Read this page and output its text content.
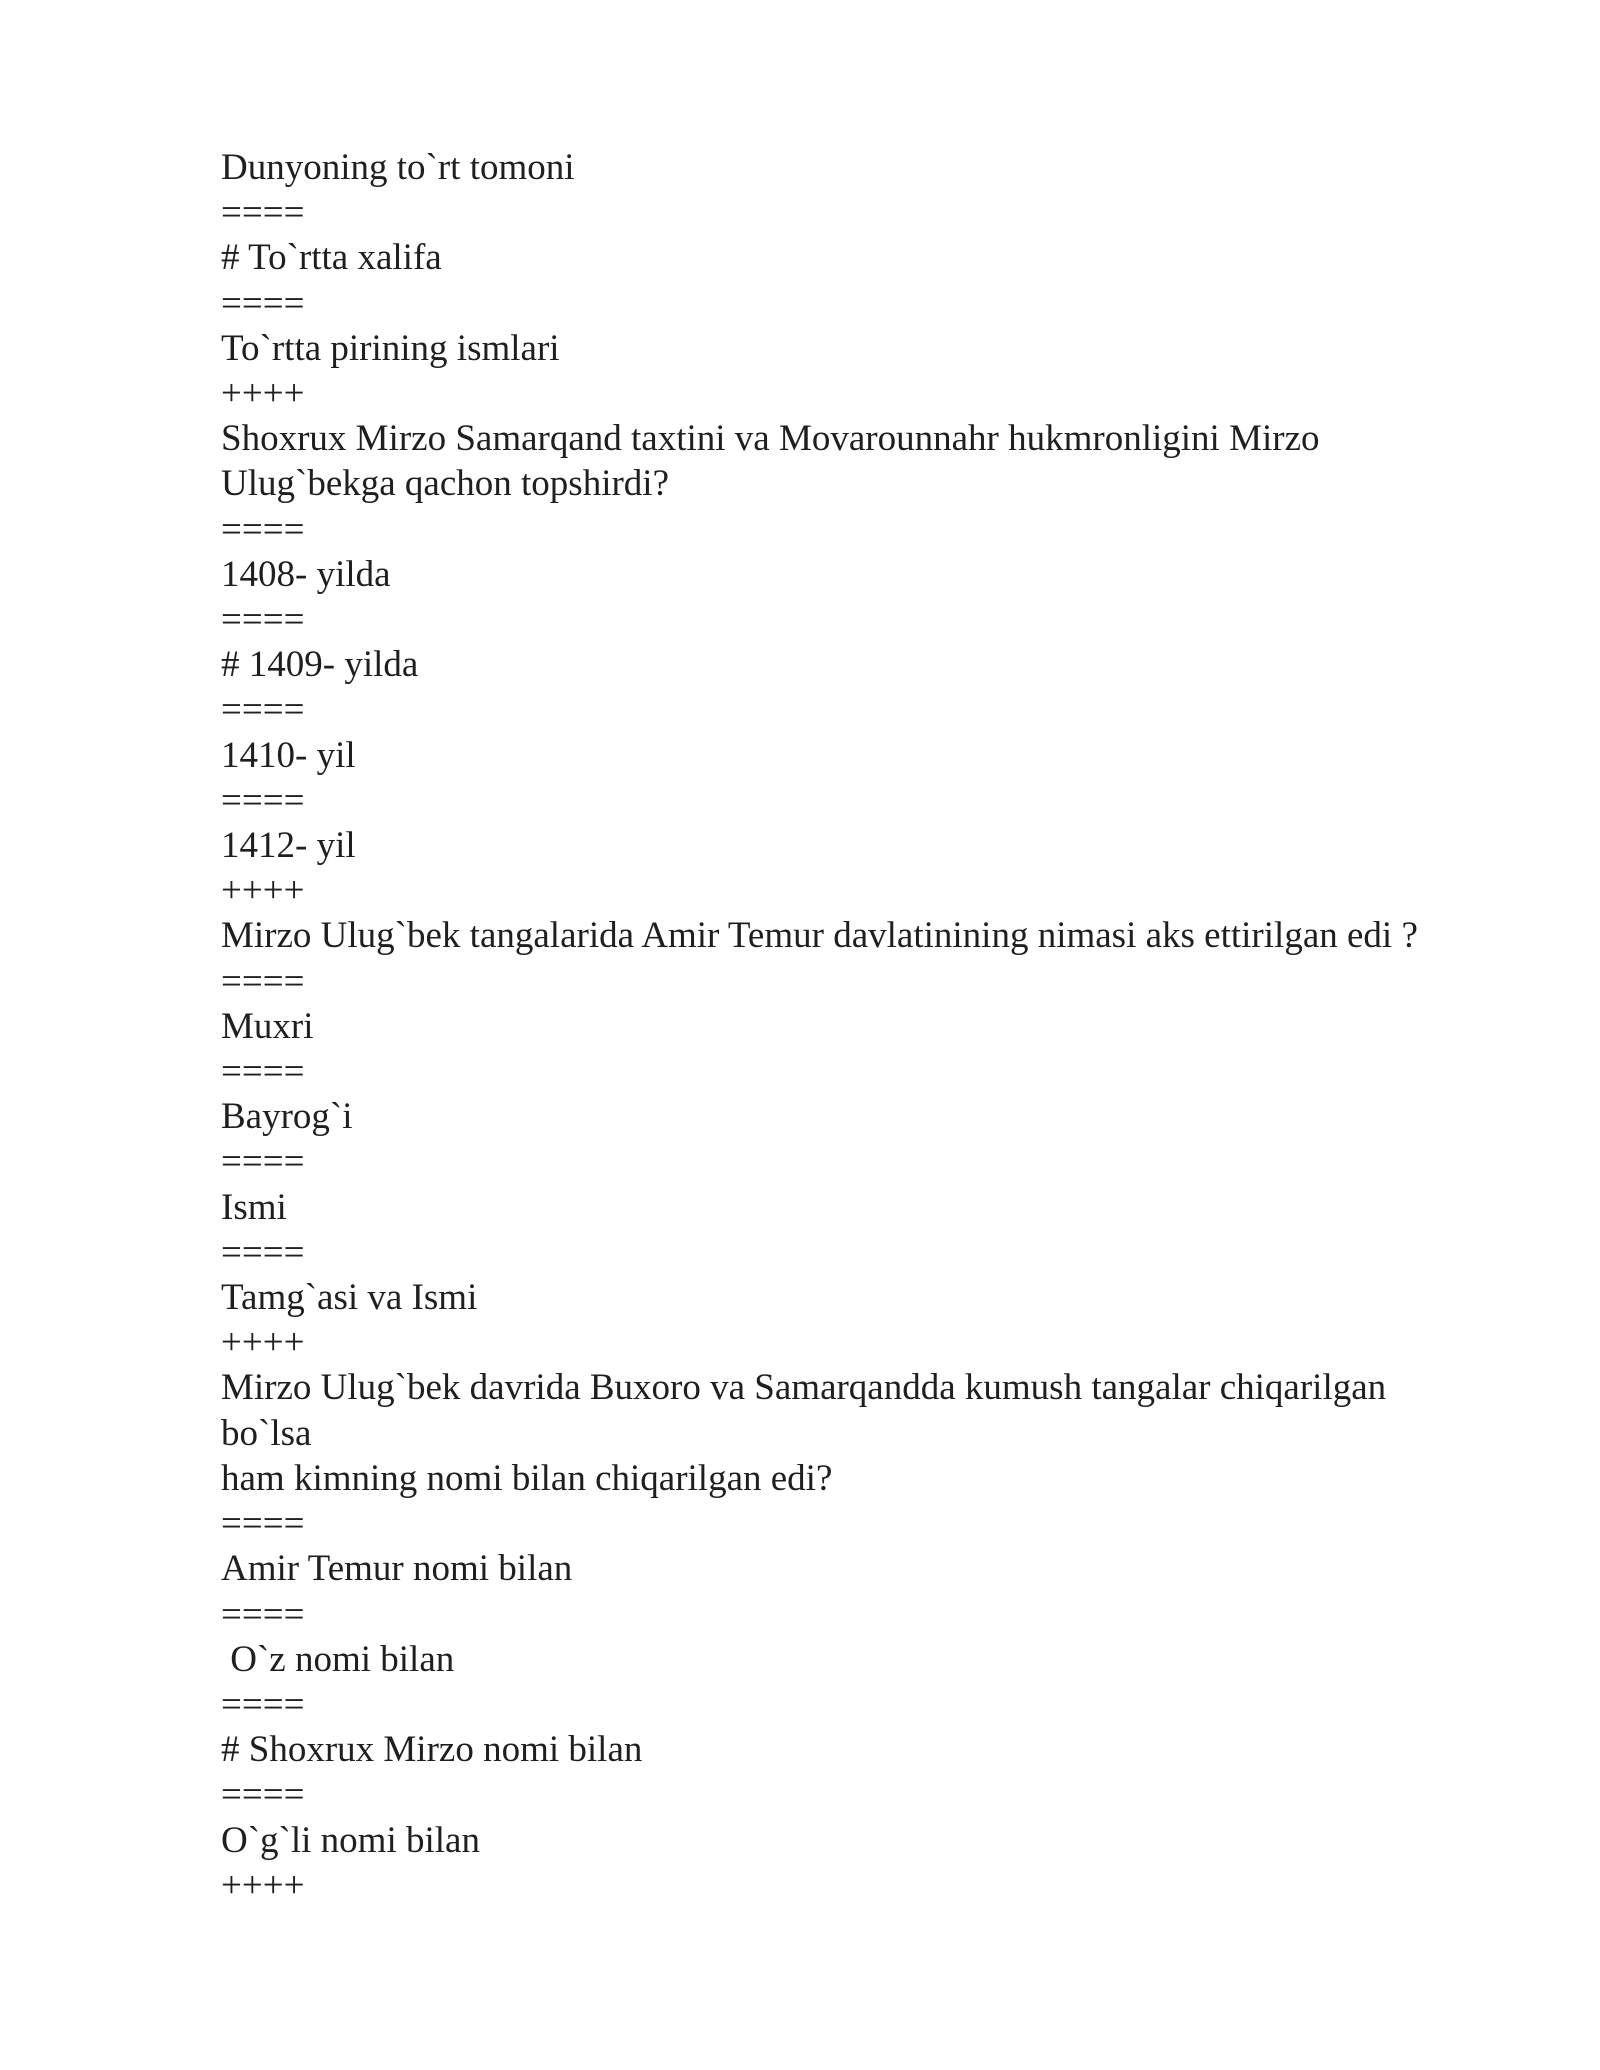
Dunyoning to`rt tomoni
====
# To`rtta xalifa
====
To`rtta pirining ismlari
++++
Shoxrux Mirzo Samarqand taxtini va Movarounnahr hukmronligini Mirzo
Ulug`bekga qachon topshirdi?
====
1408- yilda
====
# 1409- yilda
====
1410- yil
====
1412- yil
++++
Mirzo Ulug`bek tangalarida Amir Temur davlatinining nimasi aks ettirilgan edi ?
====
Muxri
====
Bayrog`i
====
Ismi
====
Tamg`asi va Ismi
++++
Mirzo Ulug`bek davrida Buxoro va Samarqandda kumush tangalar chiqarilgan bo`lsa
ham kimning nomi bilan chiqarilgan edi?
====
Amir Temur nomi bilan
====
O`z nomi bilan
====
# Shoxrux Mirzo nomi bilan
====
O`g`li nomi bilan
++++
